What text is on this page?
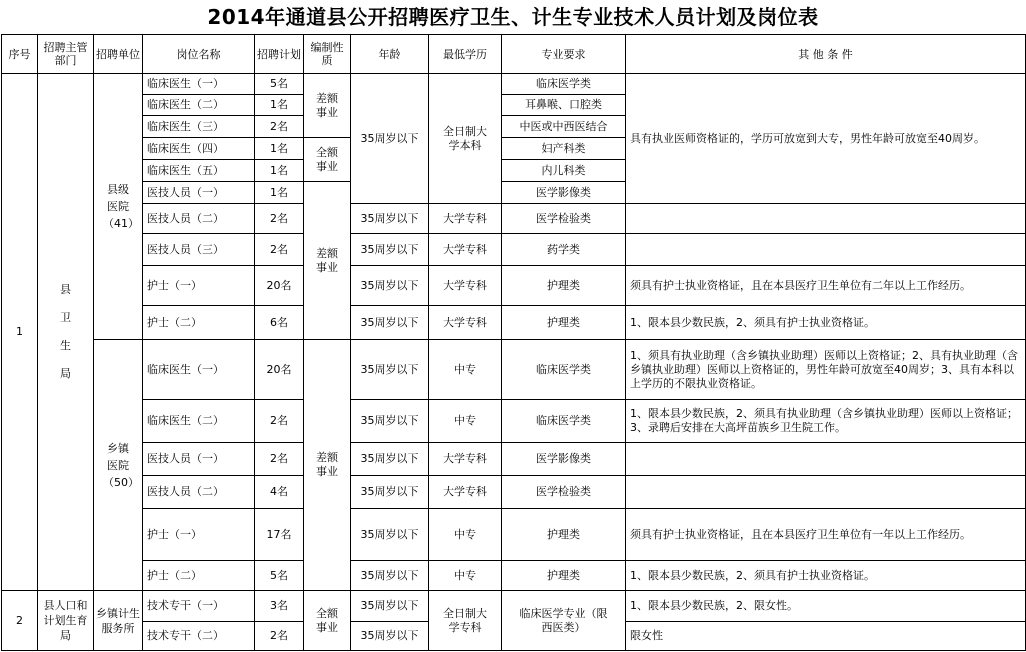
2014年通道县公开招聘医疗卫生、计生专业技术人员计划及岗位表
序号	招聘主管部门	招聘单位	岗位名称	招聘计划	编制性质	年龄	最低学历	专业要求	其 他 条 件
1	县卫生局	县级医院（41）	临床医生（一）	5名	差额事业	35周岁以下	全日制大学本科	临床医学类	具有执业医师资格证的，学历可放宽到大专，男性年龄可放宽至40周岁。
			临床医生（二）	1名				耳鼻喉、口腔类	
			临床医生（三）	2名				中医或中西医结合	
			临床医生（四）	1名	全额事业			妇产科类	
			临床医生（五）	1名				内儿科类	
			医技人员（一）	1名	差额事业			医学影像类	
			医技人员（二）	2名		35周岁以下	大学专科	医学检验类	
			医技人员（三）	2名		35周岁以下	大学专科	药学类	
			护士（一）	20名		35周岁以下	大学专科	护理类	须具有护士执业资格证，且在本县医疗卫生单位有二年以上工作经历。
			护士（二）	6名		35周岁以下	大学专科	护理类	1、限本县少数民族，2、须具有护士执业资格证。
		乡镇医院（50）	临床医生（一）	20名	差额事业	35周岁以下	中专	临床医学类	1、须具有执业助理（含乡镇执业助理）医师以上资格证；2、具有执业助理（含乡镇执业助理）医师以上资格证的，男性年龄可放宽至40周岁；3、具有本科以上学历的不限执业资格证。
			临床医生（二）	2名		35周岁以下	中专	临床医学类	1、限本县少数民族，2、须具有执业助理（含乡镇执业助理）医师以上资格证；3、录聘后安排在大高坪苗族乡卫生院工作。
			医技人员（一）	2名		35周岁以下	大学专科	医学影像类	
			医技人员（二）	4名		35周岁以下	大学专科	医学检验类	
			护士（一）	17名		35周岁以下	中专	护理类	须具有护士执业资格证，且在本县医疗卫生单位有一年以上工作经历。
			护士（二）	5名		35周岁以下	中专	护理类	1、限本县少数民族，2、须具有护士执业资格证。
2	县人口和计划生育局	乡镇计生服务所	技术专干（一）	3名	全额事业	35周岁以下	全日制大学专科	临床医学专业（限西医类）	1、限本县少数民族，2、限女性。
			技术专干（二）	2名		35周岁以下			限女性
